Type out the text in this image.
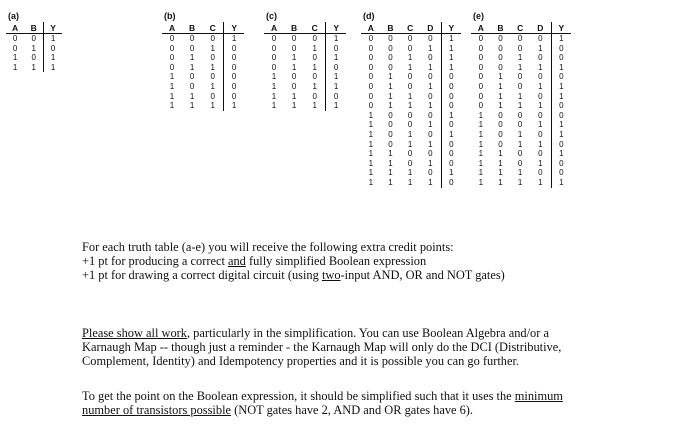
(a)
A	B	Y
0	0	1
0	1	0
1	0	1
1	1	1
(b)
A	B	C	Y
0	0	0	1
0	0	1	0
0	1	0	0
0	1	1	0
1	0	0	0
1	0	1	0
1	1	0	0
1	1	1	1
(c)
A	B	C	Y
0	0	0	1
0	0	1	0
0	1	0	1
0	1	1	0
1	0	0	1
1	0	1	1
1	1	0	0
1	1	1	1
(d)
A	B	C	D	Y
0	0	0	0	1
0	0	0	1	1
0	0	1	0	1
0	0	1	1	1
0	1	0	0	0
0	1	0	1	0
0	1	1	0	0
0	1	1	1	0
1	0	0	0	1
1	0	0	1	0
1	0	1	0	1
1	0	1	1	0
1	1	0	0	0
1	1	0	1	0
1	1	1	0	1
1	1	1	1	0
(e)
A	B	C	D	Y
0	0	0	0	1
0	0	0	1	0
0	0	1	0	0
0	0	1	1	1
0	1	0	0	0
0	1	0	1	1
0	1	1	0	1
0	1	1	1	0
1	0	0	0	0
1	0	0	1	1
1	0	1	0	1
1	0	1	1	0
1	1	0	0	1
1	1	0	1	0
1	1	1	0	0
1	1	1	1	1

For each truth table (a-e) you will receive the following extra credit points:

+1 pt for producing a correct and fully simplified Boolean expression

+1 pt for drawing a correct digital circuit (using two-input AND, OR and NOT gates)

Please show all work, particularly in the simplification. You can use Boolean Algebra and/or a

Karnaugh Map -- though just a reminder - the Karnaugh Map will only do the DCI (Distributive,

Complement, Identity) and Idempotency properties and it is possible you can go further.

To get the point on the Boolean expression, it should be simplified such that it uses the minimum

number of transistors possible (NOT gates have 2, AND and OR gates have 6).
